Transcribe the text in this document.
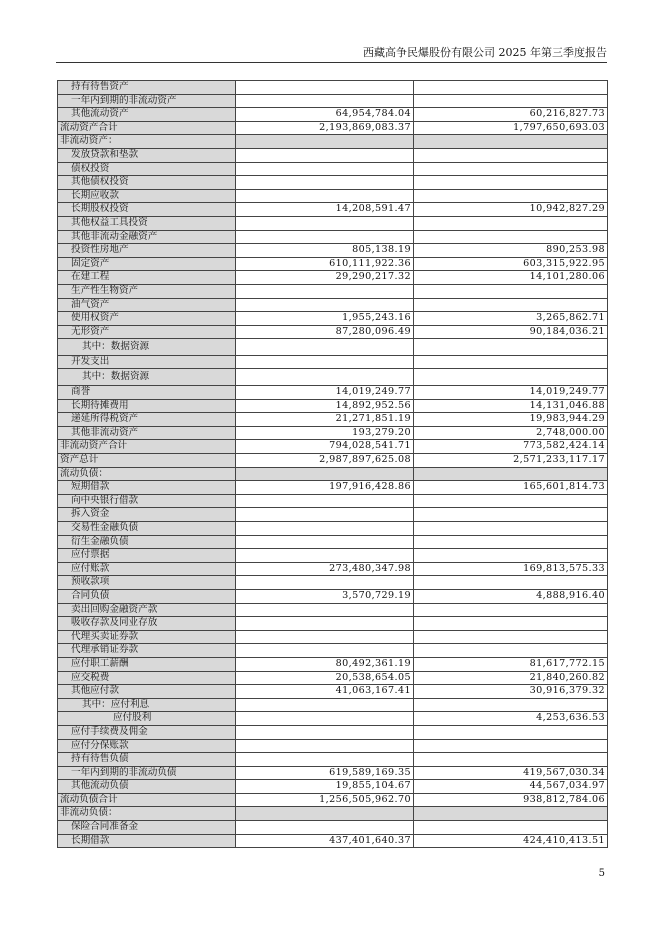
西藏高争民爆股份有限公司 2025 年第三季度报告
持有待售资产		
一年内到期的非流动资产		
其他流动资产	64,954,784.04	60,216,827.73
流动资产合计	2,193,869,083.37	1,797,650,693.03
非流动资产：		
发放贷款和垫款		
债权投资		
其他债权投资		
长期应收款		
长期股权投资	14,208,591.47	10,942,827.29
其他权益工具投资		
其他非流动金融资产		
投资性房地产	805,138.19	890,253.98
固定资产	610,111,922.36	603,315,922.95
在建工程	29,290,217.32	14,101,280.06
生产性生物资产		
油气资产		
使用权资产	1,955,243.16	3,265,862.71
无形资产	87,280,096.49	90,184,036.21
其中：数据资源		
开发支出		
其中：数据资源		
商誉	14,019,249.77	14,019,249.77
长期待摊费用	14,892,952.56	14,131,046.88
递延所得税资产	21,271,851.19	19,983,944.29
其他非流动资产	193,279.20	2,748,000.00
非流动资产合计	794,028,541.71	773,582,424.14
资产总计	2,987,897,625.08	2,571,233,117.17
流动负债：		
短期借款	197,916,428.86	165,601,814.73
向中央银行借款		
拆入资金		
交易性金融负债		
衍生金融负债		
应付票据		
应付账款	273,480,347.98	169,813,575.33
预收款项		
合同负债	3,570,729.19	4,888,916.40
卖出回购金融资产款		
吸收存款及同业存放		
代理买卖证券款		
代理承销证券款		
应付职工薪酬	80,492,361.19	81,617,772.15
应交税费	20,538,654.05	21,840,260.82
其他应付款	41,063,167.41	30,916,379.32
其中：应付利息		
应付股利		4,253,636.53
应付手续费及佣金		
应付分保账款		
持有待售负债		
一年内到期的非流动负债	619,589,169.35	419,567,030.34
其他流动负债	19,855,104.67	44,567,034.97
流动负债合计	1,256,505,962.70	938,812,784.06
非流动负债：		
保险合同准备金		
长期借款	437,401,640.37	424,410,413.51
5
